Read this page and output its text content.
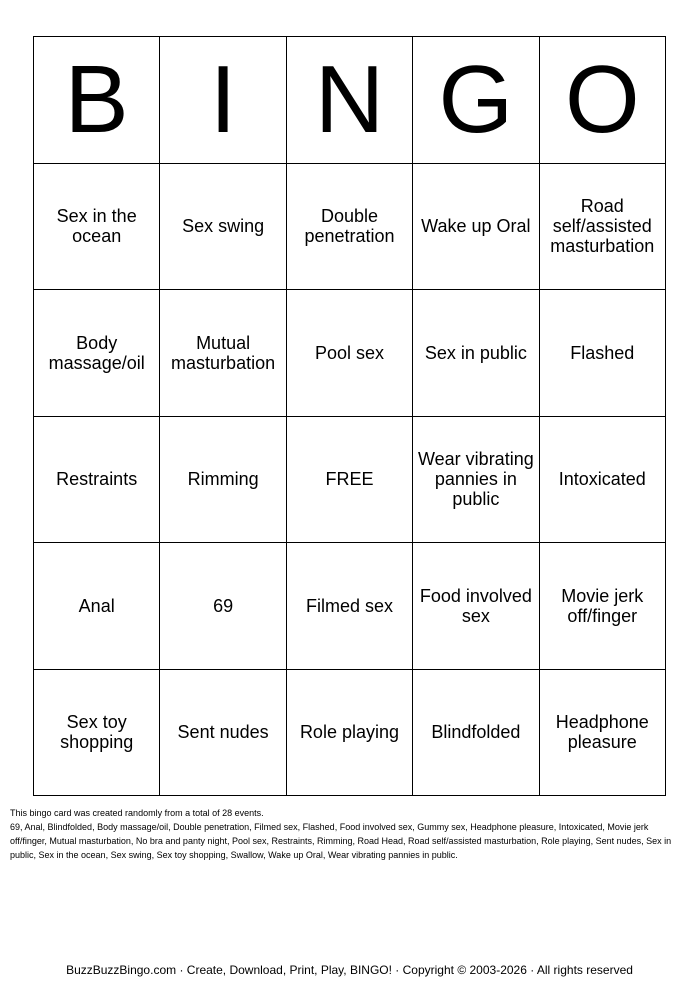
B	I	N	G	O
Sex in the ocean	Sex swing	Double penetration	Wake up Oral	Road self/assisted masturbation
Body massage/oil	Mutual masturbation	Pool sex	Sex in public	Flashed
Restraints	Rimming	FREE	Wear vibrating pannies in public	Intoxicated
Anal	69	Filmed sex	Food involved sex	Movie jerk off/finger
Sex toy shopping	Sent nudes	Role playing	Blindfolded	Headphone pleasure
This bingo card was created randomly from a total of 28 events.
69, Anal, Blindfolded, Body massage/oil, Double penetration, Filmed sex, Flashed, Food involved sex, Gummy sex, Headphone pleasure, Intoxicated, Movie jerk off/finger, Mutual masturbation, No bra and panty night, Pool sex, Restraints, Rimming, Road Head, Road self/assisted masturbation, Role playing, Sent nudes, Sex in public, Sex in the ocean, Sex swing, Sex toy shopping, Swallow, Wake up Oral, Wear vibrating pannies in public.
BuzzBuzzBingo.com · Create, Download, Print, Play, BINGO! · Copyright © 2003-2026 · All rights reserved
